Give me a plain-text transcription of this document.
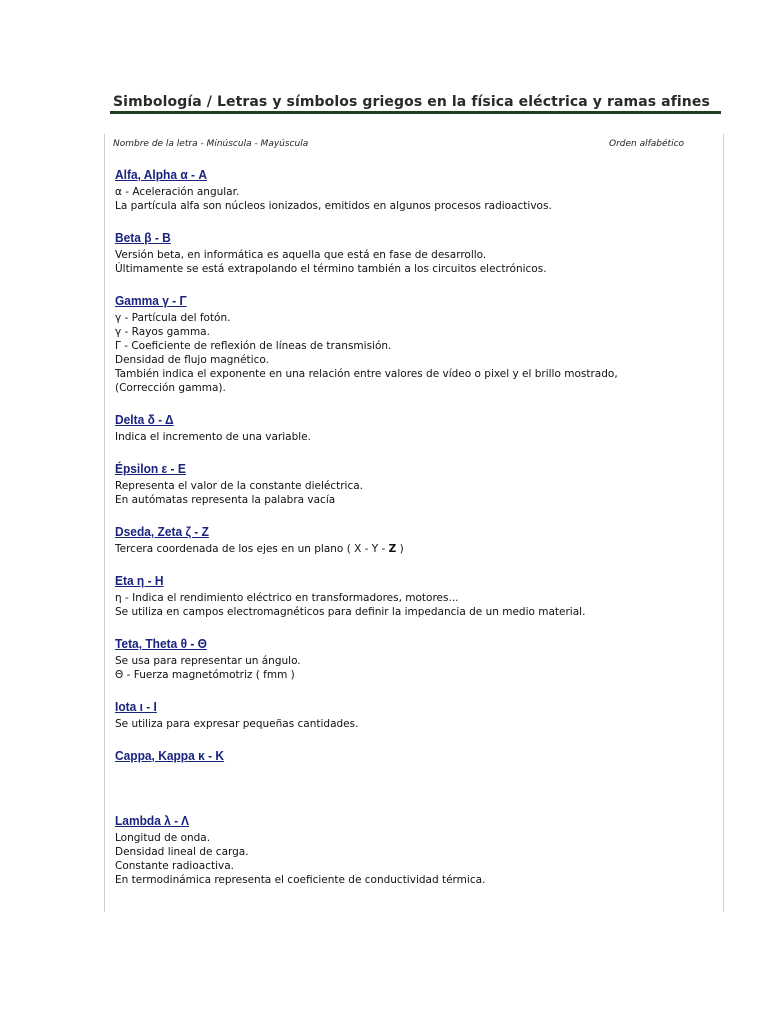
Simbología / Letras y símbolos griegos en la física eléctrica y ramas afines
Nombre de la letra - Minúscula - Mayúscula	Orden alfabético
Alfa, Alpha α - A
α - Aceleración angular.
La partícula alfa son núcleos ionizados, emitidos en algunos procesos radioactivos.
Beta β - B
Versión beta, en informática es aquella que está en fase de desarrollo.
Últimamente se está extrapolando el término también a los circuitos electrónicos.
Gamma γ - Γ
γ - Partícula del fotón.
γ - Rayos gamma.
Γ - Coeficiente de reflexión de líneas de transmisión.
Densidad de flujo magnético.
También indica el exponente en una relación entre valores de vídeo o pixel y el brillo mostrado,
(Corrección gamma).
Delta δ - Δ
Indica el incremento de una variable.
Épsilon ε - E
Representa el valor de la constante dieléctrica.
En autómatas representa la palabra vacía
Dseda, Zeta ζ - Z
Tercera coordenada de los ejes en un plano ( X - Y - Z )
Eta η - H
η - Indica el rendimiento eléctrico en transformadores, motores...
Se utiliza en campos electromagnéticos para definir la impedancia de un medio material.
Teta, Theta θ - Θ
Se usa para representar un ángulo.
Θ - Fuerza magnetómotriz ( fmm )
Iota ι - I
Se utiliza para expresar pequeñas cantidades.
Cappa, Kappa κ - K
Lambda λ - Λ
Longitud de onda.
Densidad lineal de carga.
Constante radioactiva.
En termodinámica representa el coeficiente de conductividad térmica.
